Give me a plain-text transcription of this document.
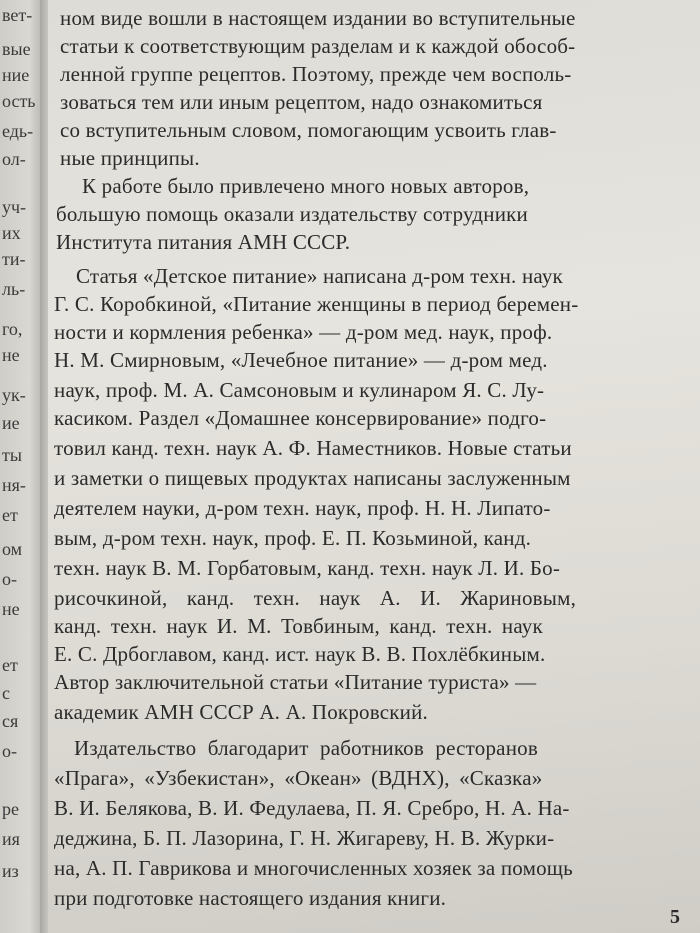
вет-
вые
ние
ость
едь-
ол-
уч-
их
ти-
ль-
го,
не
ук-
ие
ты
ня-
ет
ом
о-
не
ет
с
ся
о-
ре
ия
из
ном виде вошли в настоящем издании во вступительные
статьи к соответствующим разделам и к каждой обособ-
ленной группе рецептов. Поэтому, прежде чем восполь-
зоваться тем или иным рецептом, надо ознакомиться
со вступительным словом, помогающим усвоить глав-
ные принципы.
К работе было привлечено много новых авторов,
большую помощь оказали издательству сотрудники
Института питания АМН СССР.
Статья «Детское питание» написана д-ром техн. наук
Г. С. Коробкиной, «Питание женщины в период беремен-
ности и кормления ребенка» — д-ром мед. наук, проф.
Н. М. Смирновым, «Лечебное питание» — д-ром мед.
наук, проф. М. А. Самсоновым и кулинаром Я. С. Лу-
касиком. Раздел «Домашнее консервирование» подго-
товил канд. техн. наук А. Ф. Наместников. Новые статьи
и заметки о пищевых продуктах написаны заслуженным
деятелем науки, д-ром техн. наук, проф. Н. Н. Липато-
вым, д-ром техн. наук, проф. Е. П. Козьминой, канд.
техн. наук В. М. Горбатовым, канд. техн. наук Л. И. Бо-
рисочкиной, канд. техн. наук А. И. Жариновым,
канд. техн. наук И. М. Товбиным, канд. техн. наук
Е. С. Дрбоглавом, канд. ист. наук В. В. Похлёбкиным.
Автор заключительной статьи «Питание туриста» —
академик АМН СССР А. А. Покровский.
Издательство благодарит работников ресторанов
«Прага», «Узбекистан», «Океан» (ВДНХ), «Сказка»
В. И. Белякова, В. И. Федулаева, П. Я. Сребро, Н. А. На-
деджина, Б. П. Лазорина, Г. Н. Жигареву, Н. В. Журки-
на, А. П. Гаврикова и многочисленных хозяек за помощь
при подготовке настоящего издания книги.
5
